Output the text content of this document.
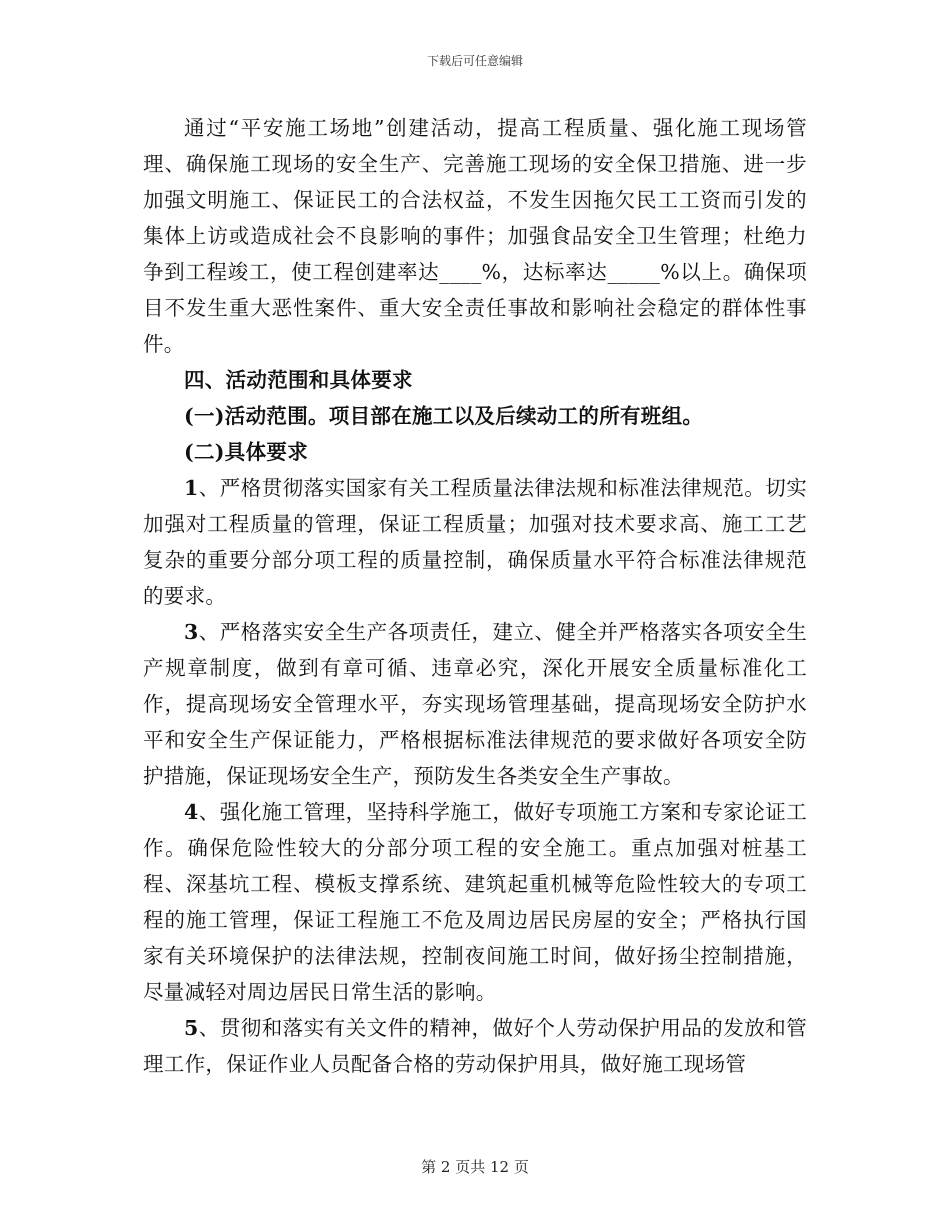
下载后可任意编辑

通过“平安施工场地”创建活动，提高工程质量、强化施工现场管理、确保施工现场的安全生产、完善施工现场的安全保卫措施、进一步加强文明施工、保证民工的合法权益，不发生因拖欠民工工资而引发的集体上访或造成社会不良影响的事件；加强食品安全卫生管理；杜绝力争到工程竣工，使工程创建率达____%，达标率达_____%以上。确保项目不发生重大恶性案件、重大安全责任事故和影响社会稳定的群体性事件。

四、活动范围和具体要求

(一)活动范围。项目部在施工以及后续动工的所有班组。

(二)具体要求

1、严格贯彻落实国家有关工程质量法律法规和标准法律规范。切实加强对工程质量的管理，保证工程质量；加强对技术要求高、施工工艺复杂的重要分部分项工程的质量控制，确保质量水平符合标准法律规范的要求。

3、严格落实安全生产各项责任，建立、健全并严格落实各项安全生产规章制度，做到有章可循、违章必究，深化开展安全质量标准化工作，提高现场安全管理水平，夯实现场管理基础，提高现场安全防护水平和安全生产保证能力，严格根据标准法律规范的要求做好各项安全防护措施，保证现场安全生产，预防发生各类安全生产事故。

4、强化施工管理，坚持科学施工，做好专项施工方案和专家论证工作。确保危险性较大的分部分项工程的安全施工。重点加强对桩基工程、深基坑工程、模板支撑系统、建筑起重机械等危险性较大的专项工程的施工管理，保证工程施工不危及周边居民房屋的安全；严格执行国家有关环境保护的法律法规，控制夜间施工时间，做好扬尘控制措施，尽量减轻对周边居民日常生活的影响。

5、贯彻和落实有关文件的精神，做好个人劳动保护用品的发放和管理工作，保证作业人员配备合格的劳动保护用具，做好施工现场管

第 2 页共 12 页
